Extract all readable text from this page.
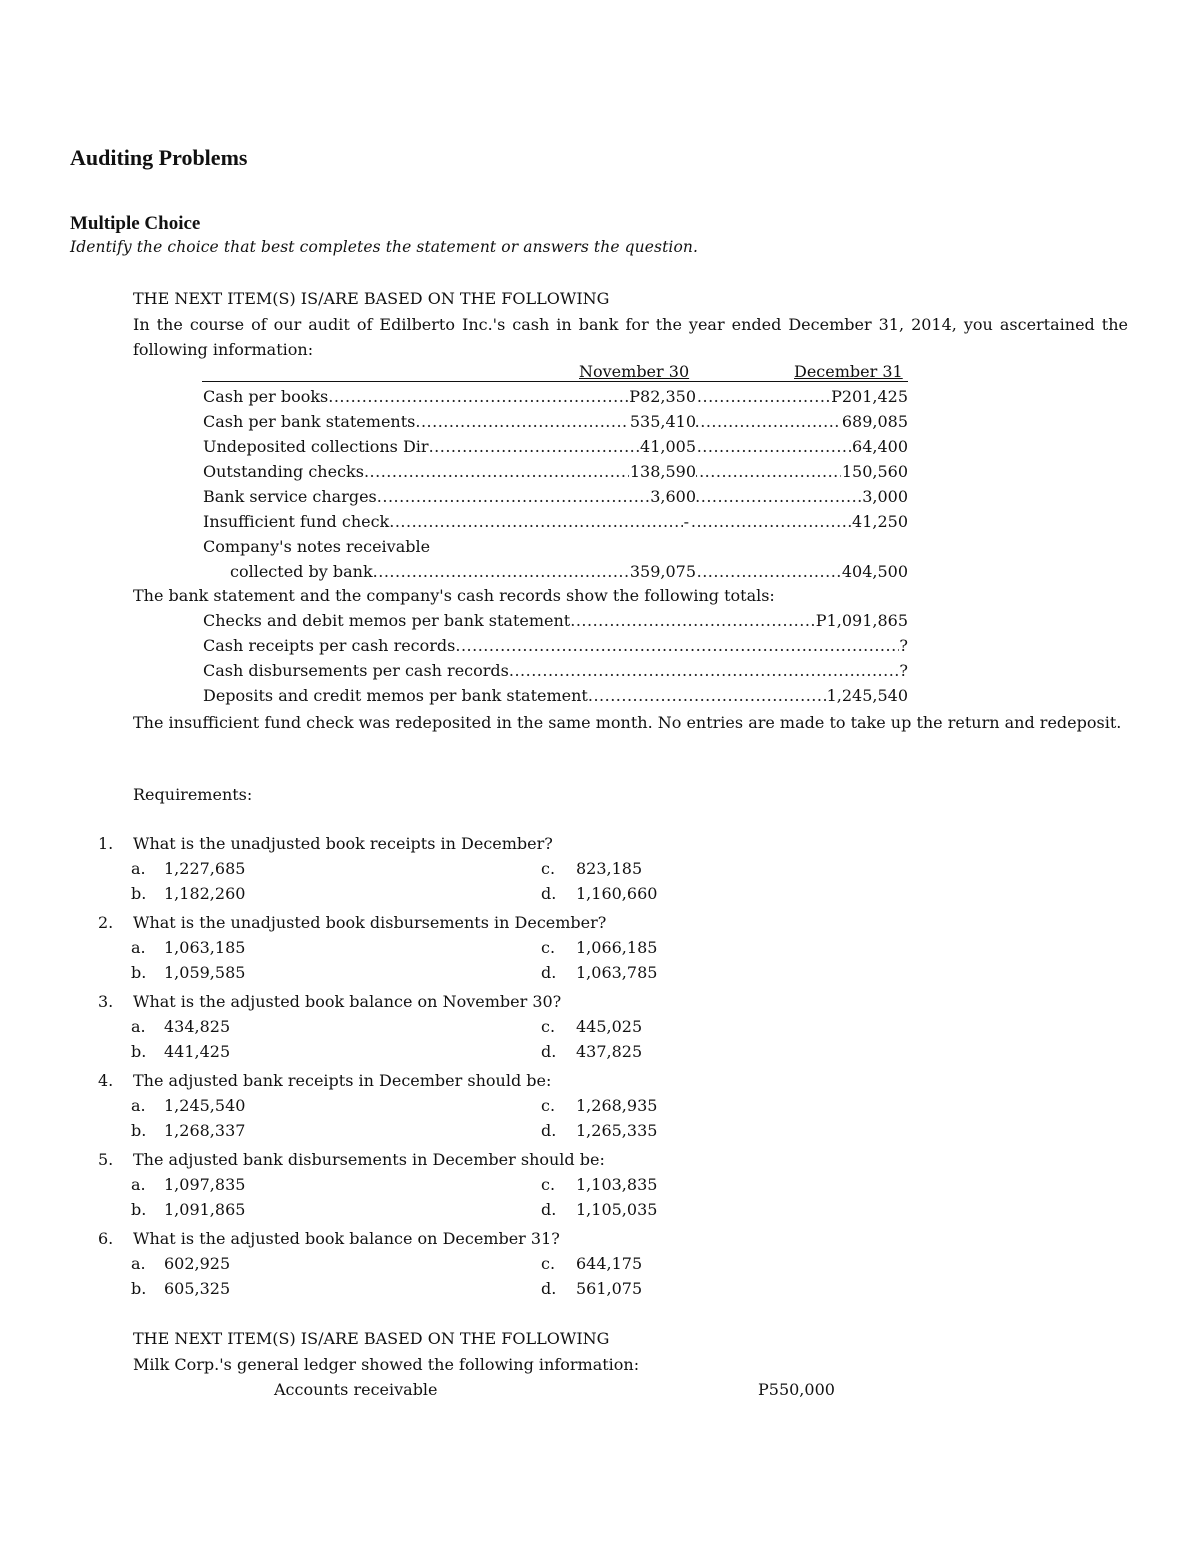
Auditing Problems
Multiple Choice
Identify the choice that best completes the statement or answers the question.
THE NEXT ITEM(S) IS/ARE BASED ON THE FOLLOWING
In the course of our audit of Edilberto Inc.'s cash in bank for the year ended December 31, 2014, you ascertained the following information:
November 30	December 31
Cash per books .....	P82,350	P201,425
Cash per bank statements .....	535,410	689,085
Undeposited collections Dir .....	41,005	64,400
Outstanding checks .....	138,590	150,560
Bank service charges .....	3,600	3,000
Insufficient fund check .....	-	41,250
Company's notes receivable
collected by bank .....	359,075	404,500
The bank statement and the company's cash records show the following totals:
Checks and debit memos per bank statement .....	P1,091,865
Cash receipts per cash records .....	?
Cash disbursements per cash records .....	?
Deposits and credit memos per bank statement .....	1,245,540
The insufficient fund check was redeposited in the same month. No entries are made to take up the return and redeposit.
Requirements:
1. What is the unadjusted book receipts in December?
a. 1,227,685	c. 823,185
b. 1,182,260	d. 1,160,660
2. What is the unadjusted book disbursements in December?
a. 1,063,185	c. 1,066,185
b. 1,059,585	d. 1,063,785
3. What is the adjusted book balance on November 30?
a. 434,825	c. 445,025
b. 441,425	d. 437,825
4. The adjusted bank receipts in December should be:
a. 1,245,540	c. 1,268,935
b. 1,268,337	d. 1,265,335
5. The adjusted bank disbursements in December should be:
a. 1,097,835	c. 1,103,835
b. 1,091,865	d. 1,105,035
6. What is the adjusted book balance on December 31?
a. 602,925	c. 644,175
b. 605,325	d. 561,075
THE NEXT ITEM(S) IS/ARE BASED ON THE FOLLOWING
Milk Corp.'s general ledger showed the following information:
Accounts receivable	P550,000
